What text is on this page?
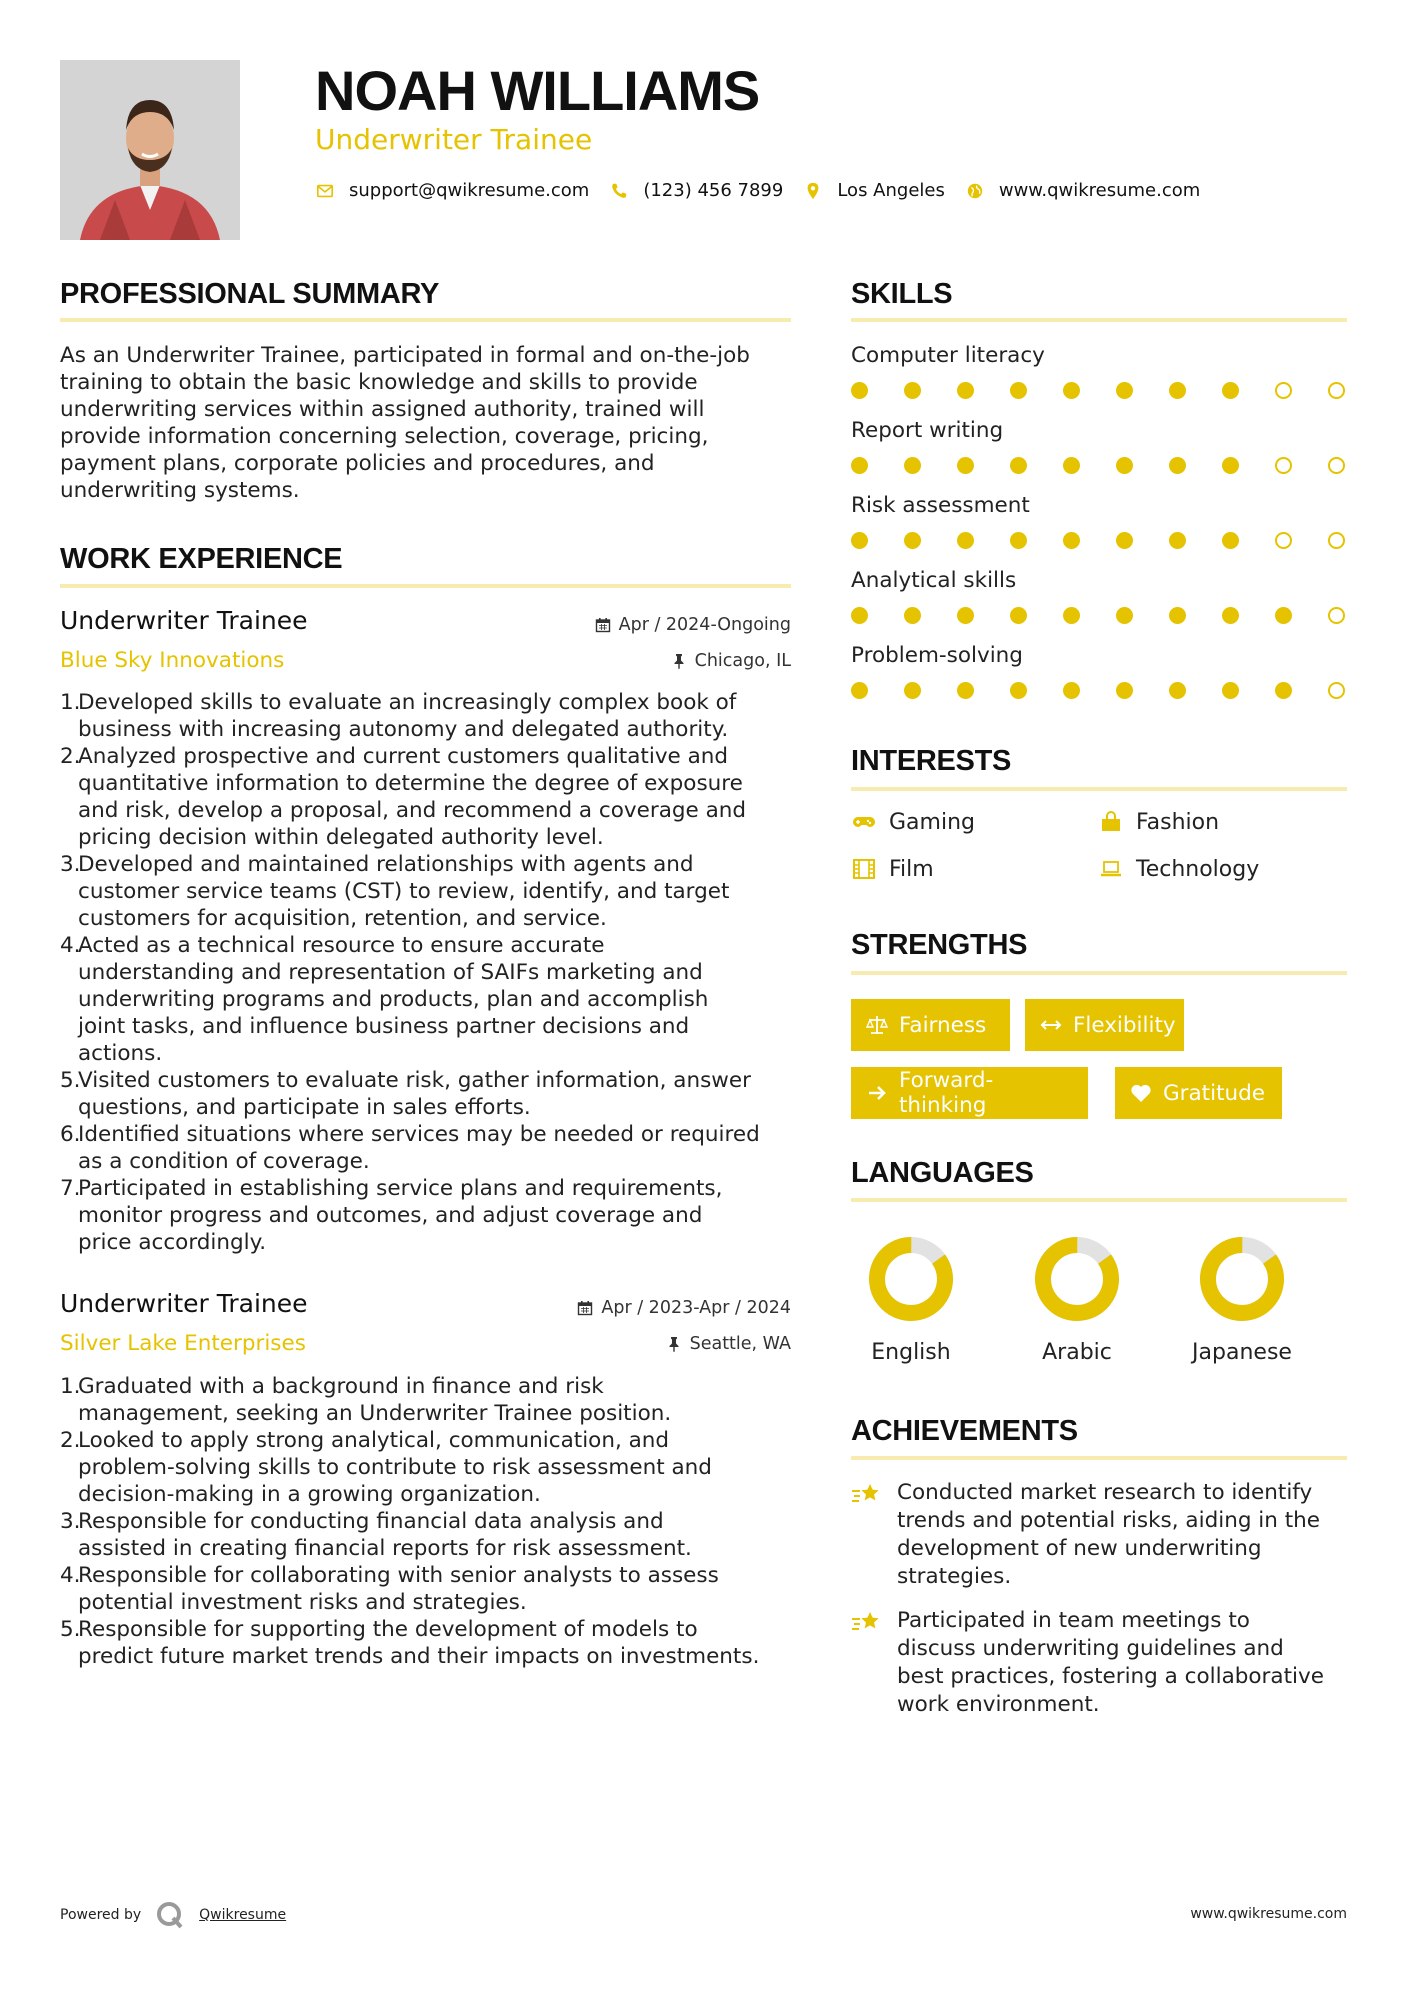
NOAH WILLIAMS
Underwriter Trainee
support@qwikresume.com	(123) 456 7899	Los Angeles	www.qwikresume.com
PROFESSIONAL SUMMARY
As an Underwriter Trainee, participated in formal and on-the-job
training to obtain the basic knowledge and skills to provide
underwriting services within assigned authority, trained will
provide information concerning selection, coverage, pricing,
payment plans, corporate policies and procedures, and
underwriting systems.
WORK EXPERIENCE
Underwriter Trainee	Apr / 2024-Ongoing
Blue Sky Innovations	Chicago, IL
1.
Developed skills to evaluate an increasingly complex book of
business with increasing autonomy and delegated authority.
2.
Analyzed prospective and current customers qualitative and
quantitative information to determine the degree of exposure
and risk, develop a proposal, and recommend a coverage and
pricing decision within delegated authority level.
3.
Developed and maintained relationships with agents and
customer service teams (CST) to review, identify, and target
customers for acquisition, retention, and service.
4.
Acted as a technical resource to ensure accurate
understanding and representation of SAIFs marketing and
underwriting programs and products, plan and accomplish
joint tasks, and influence business partner decisions and
actions.
5.
Visited customers to evaluate risk, gather information, answer
questions, and participate in sales efforts.
6.
Identified situations where services may be needed or required
as a condition of coverage.
7.
Participated in establishing service plans and requirements,
monitor progress and outcomes, and adjust coverage and
price accordingly.
Underwriter Trainee	Apr / 2023-Apr / 2024
Silver Lake Enterprises	Seattle, WA
1.
Graduated with a background in finance and risk
management, seeking an Underwriter Trainee position.
2.
Looked to apply strong analytical, communication, and
problem-solving skills to contribute to risk assessment and
decision-making in a growing organization.
3.
Responsible for conducting financial data analysis and
assisted in creating financial reports for risk assessment.
4.
Responsible for collaborating with senior analysts to assess
potential investment risks and strategies.
5.
Responsible for supporting the development of models to
predict future market trends and their impacts on investments.
SKILLS
Computer literacy
Report writing
Risk assessment
Analytical skills
Problem-solving
INTERESTS
Gaming	Fashion
Film	Technology
STRENGTHS
Fairness	Flexibility
Forward-thinking	Gratitude
LANGUAGES
English	Arabic	Japanese
ACHIEVEMENTS
Conducted market research to identify
trends and potential risks, aiding in the
development of new underwriting
strategies.
Participated in team meetings to
discuss underwriting guidelines and
best practices, fostering a collaborative
work environment.
Powered by	Qwikresume	www.qwikresume.com
